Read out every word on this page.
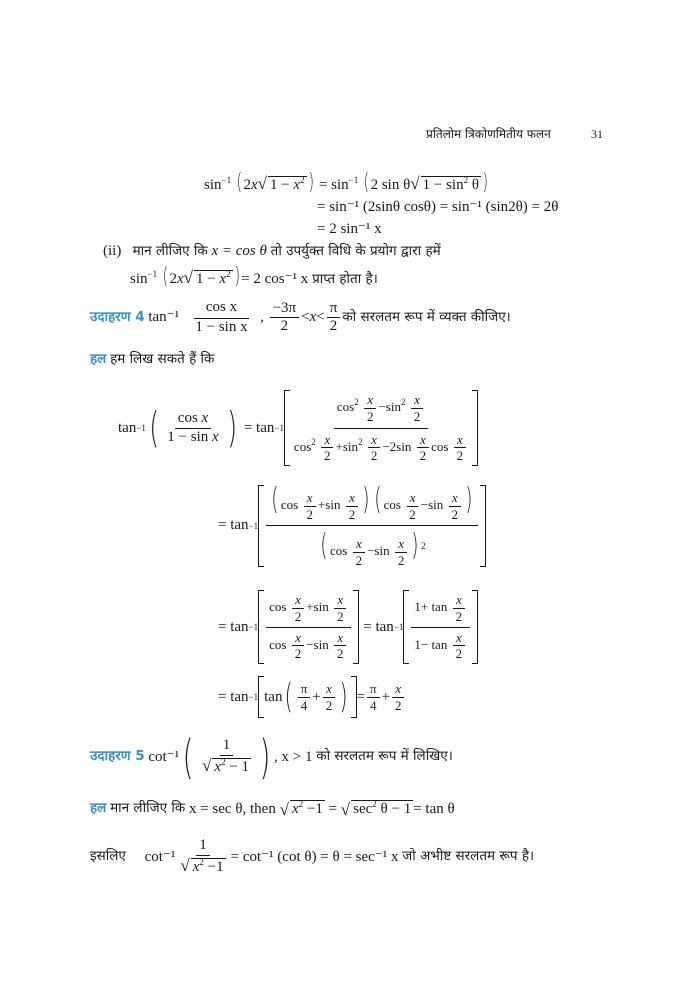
प्रतिलोम त्रिकोणमितीय फलन	31
$\sin^{-1}$ ( 2x√ $1 - x^2$ ) = $\sin^{-1}$ ( 2 sin θ√ $1 - \sin^2 \theta$ )
= sin⁻¹ (2sinθ cosθ) = sin⁻¹ (sin2θ) = 2θ
= 2 sin⁻¹ x
(ii) मान लीजिए कि x = cos θ तो उपर्युक्त विधि के प्रयोग द्वारा हमें
$\sin^{-1}$ ( 2x√ $1 - x^2$ ) = 2 cos⁻¹ x प्राप्त होता है।
उदाहरण 4
tan⁻¹
$\frac{\text{cos x}}{\text{1 − sin x}}$ , $\frac{-3\pi}{2} < x < \frac{\pi}{2}$ को सरलतम रूप में व्यक्त कीजिए।
हल हम लिख सकते हैं कि
tan −1 ( $\frac{\text{cos x}}{\text{1 − sin x}}$ ) = $\tan -1 \frac{\cos^2 \frac{x}{2} -\sin^2 \frac{x}{2}}{\cos^2 \frac{x}{2} +\sin^2 \frac{x}{2} -2\sin \frac{x}{2} \cos \frac{x}{2}}$
= $\tan -1 \frac{( \cos \frac{x}{2} +\sin \frac{x}{2} ) ( \cos \frac{x}{2} -\sin \frac{x}{2} )}{( \cos \frac{x}{2} -\sin \frac{x}{2} ) ^2}$
= $\tan -1 \frac{\cos \frac{x}{2} +\sin \frac{x}{2}}{\cos \frac{x}{2} -\sin \frac{x}{2}} = \tan -1 \frac{1+ \tan \frac{x}{2}}{1- \tan \frac{x}{2}}$
= tan −1 tan ( $\frac{\pi}{4} + \frac{x}{2}$ ) = $\frac{\pi}{4} + \frac{x}{2}$
उदाहरण 5
cot⁻¹ ( $\frac{1}{√ x^2 - 1}$ ) , x > 1
को सरलतम रूप में लिखिए।
हल
मान लीजिए कि
x = sec θ, then
√ $x^2 -1$ = √ $\sec^2 \theta - 1 = \tan \theta$
इसलिए
$\cot^{-1} \frac{1}{√ x^2 -1} = \cot^{-1}$ (cot θ) = θ = sec⁻¹ x
जो अभीष्ट सरलतम रूप है।
